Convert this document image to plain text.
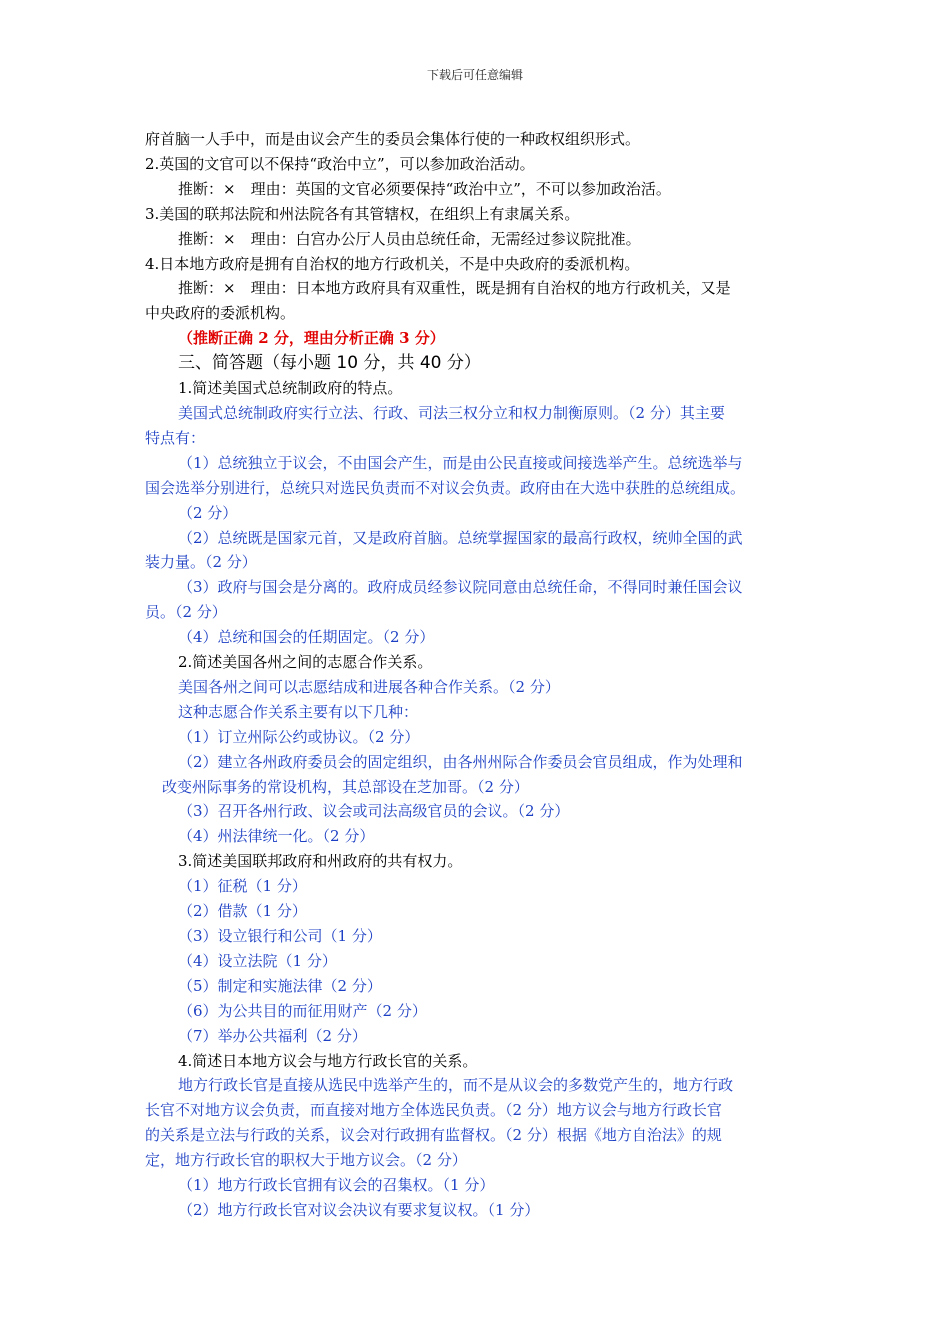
下载后可任意编辑
府首脑一人手中，而是由议会产生的委员会集体行使的一种政权组织形式。
2.英国的文官可以不保持“政治中立”，可以参加政治活动。
推断：×　理由：英国的文官必须要保持“政治中立”，不可以参加政治活。
3.美国的联邦法院和州法院各有其管辖权，在组织上有隶属关系。
推断：×　理由：白宫办公厅人员由总统任命，无需经过参议院批准。
4.日本地方政府是拥有自治权的地方行政机关，不是中央政府的委派机构。
推断：×　理由：日本地方政府具有双重性，既是拥有自治权的地方行政机关，又是
中央政府的委派机构。
（推断正确 2 分，理由分析正确 3 分）
三、简答题（每小题 10 分，共 40 分）
1.简述美国式总统制政府的特点。
美国式总统制政府实行立法、行政、司法三权分立和权力制衡原则。（2 分）其主要
特点有：
（1）总统独立于议会，不由国会产生，而是由公民直接或间接选举产生。总统选举与
国会选举分别进行，总统只对选民负责而不对议会负责。政府由在大选中获胜的总统组成。
（2 分）
（2）总统既是国家元首，又是政府首脑。总统掌握国家的最高行政权，统帅全国的武
装力量。（2 分）
（3）政府与国会是分离的。政府成员经参议院同意由总统任命，不得同时兼任国会议
员。（2 分）
（4）总统和国会的任期固定。（2 分）
2.简述美国各州之间的志愿合作关系。
美国各州之间可以志愿结成和进展各种合作关系。（2 分）
这种志愿合作关系主要有以下几种：
（1）订立州际公约或协议。（2 分）
（2）建立各州政府委员会的固定组织，由各州州际合作委员会官员组成，作为处理和
改变州际事务的常设机构，其总部设在芝加哥。（2 分）
（3）召开各州行政、议会或司法高级官员的会议。（2 分）
（4）州法律统一化。（2 分）
3.简述美国联邦政府和州政府的共有权力。
（1）征税（1 分）
（2）借款（1 分）
（3）设立银行和公司（1 分）
（4）设立法院（1 分）
（5）制定和实施法律（2 分）
（6）为公共目的而征用财产（2 分）
（7）举办公共福利（2 分）
4.简述日本地方议会与地方行政长官的关系。
地方行政长官是直接从选民中选举产生的，而不是从议会的多数党产生的，地方行政
长官不对地方议会负责，而直接对地方全体选民负责。（2 分）地方议会与地方行政长官
的关系是立法与行政的关系，议会对行政拥有监督权。（2 分）根据《地方自治法》的规
定，地方行政长官的职权大于地方议会。（2 分）
（1）地方行政长官拥有议会的召集权。（1 分）
（2）地方行政长官对议会决议有要求复议权。（1 分）
